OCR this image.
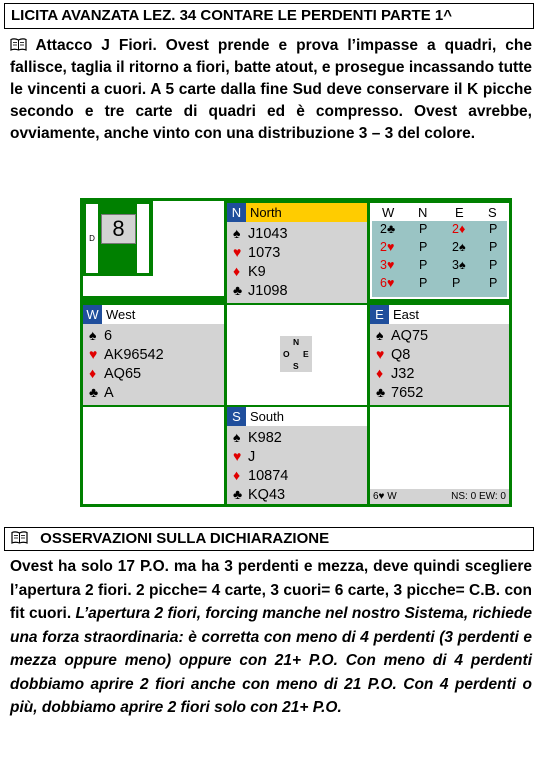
LICITA AVANZATA LEZ. 34 CONTARE LE PERDENTI PARTE 1^
Attacco J Fiori. Ovest prende e prova l’impasse a quadri, che fallisce, taglia il ritorno a fiori, batte atout, e prosegue incassando tutte le vincenti a cuori. A 5 carte dalla fine Sud deve conservare il K picche secondo e tre carte di quadri ed è compresso. Ovest avrebbe, ovviamente, anche vinto con una distribuzione 3 – 3 del colore.
D 8
N North
♠ J1043
♥ 1073
♦ K9
♣ J1098
W N E S
2♣ P 2♦ P
2♥ P 2♠ P
3♥ P 3♠ P
6♥ P P P
W West
♠ 6
♥ AK96542
♦ AQ65
♣ A
N
O E
S
E East
♠ AQ75
♥ Q8
♦ J32
♣ 7652
S South
♠ K982
♥ J
♦ 10874
♣ KQ43	6♥ W	NS: 0 EW: 0
OSSERVAZIONI SULLA DICHIARAZIONE
Ovest ha solo 17 P.O. ma ha 3 perdenti e mezza, deve quindi scegliere l’apertura 2 fiori. 2 picche= 4 carte, 3 cuori= 6 carte, 3 picche= C.B. con fit cuori. L’apertura 2 fiori, forcing manche nel nostro Sistema, richiede una forza straordinaria: è corretta con meno di 4 perdenti (3 perdenti e mezza oppure meno) oppure con 21+ P.O. Con meno di 4 perdenti dobbiamo aprire 2 fiori anche con meno di 21 P.O. Con 4 perdenti o più, dobbiamo aprire 2 fiori solo con 21+ P.O.
